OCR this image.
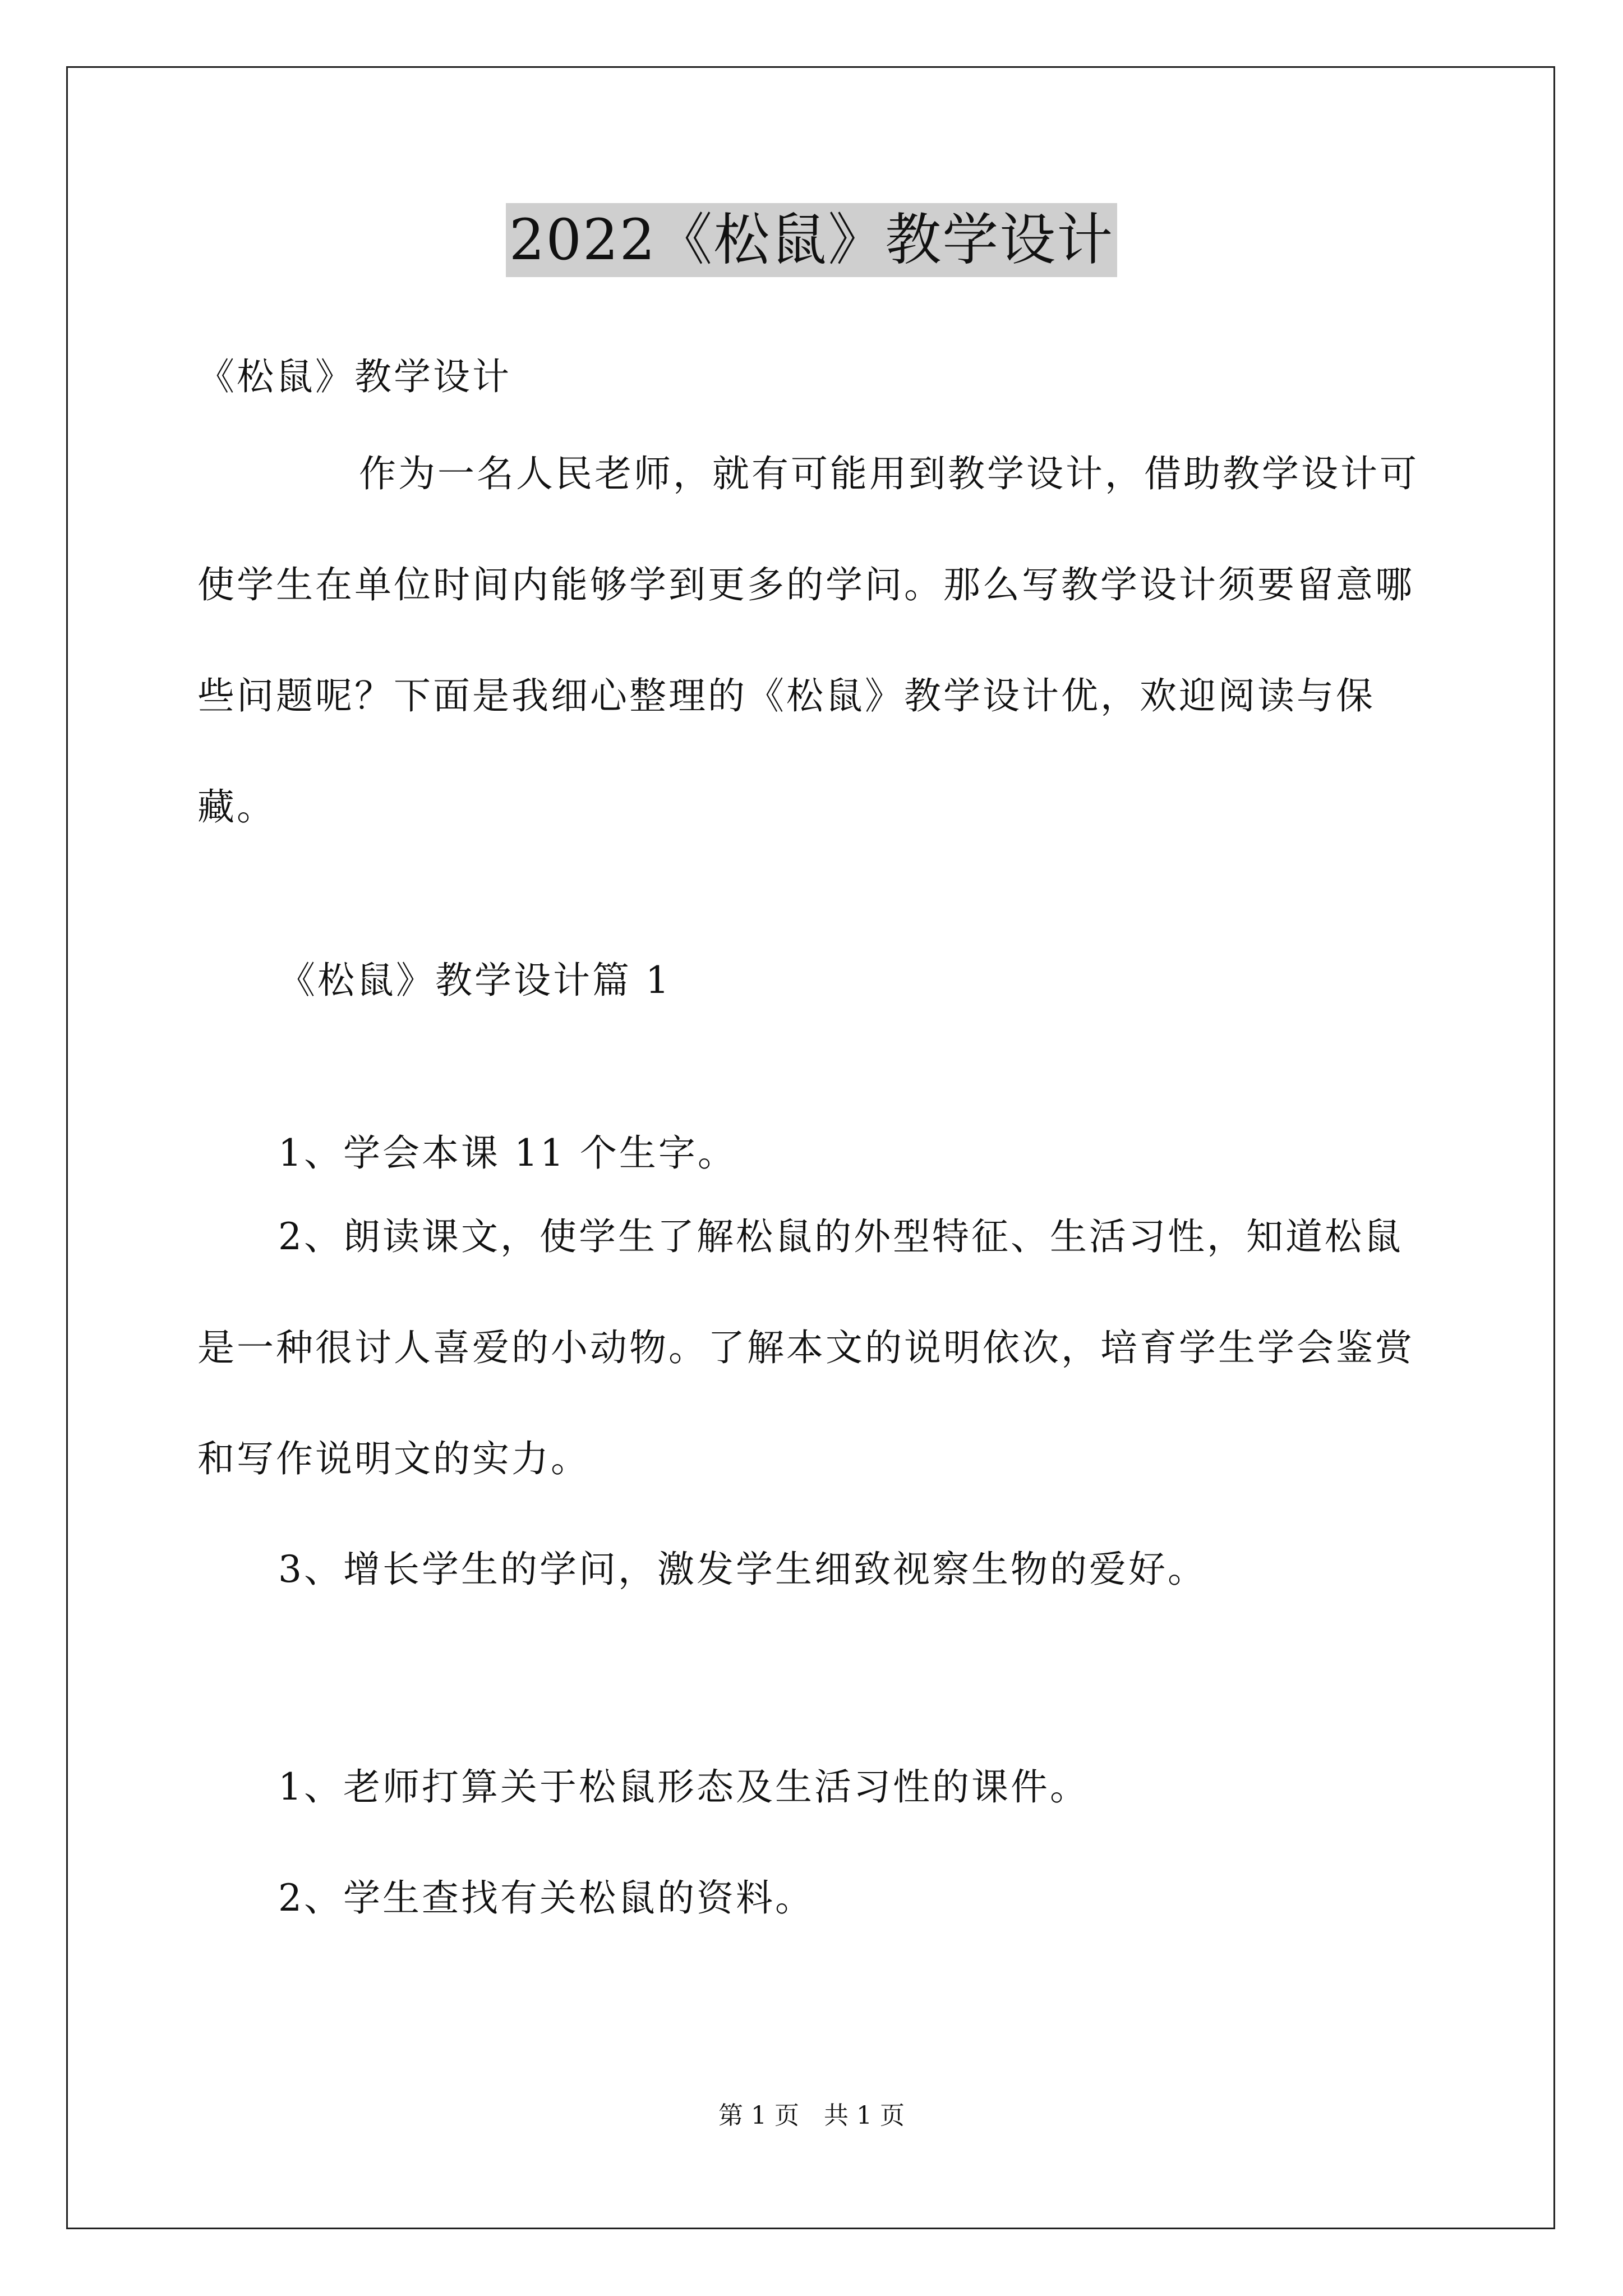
2022《松鼠》教学设计

《松鼠》教学设计

作为一名人民老师，就有可能用到教学设计，借助教学设计可使学生在单位时间内能够学到更多的学问。那么写教学设计须要留意哪些问题呢？下面是我细心整理的《松鼠》教学设计优，欢迎阅读与保藏。

《松鼠》教学设计篇 1

1、学会本课 11 个生字。

2、朗读课文，使学生了解松鼠的外型特征、生活习性，知道松鼠是一种很讨人喜爱的小动物。了解本文的说明依次，培育学生学会鉴赏和写作说明文的实力。

3、增长学生的学问，激发学生细致视察生物的爱好。

1、老师打算关于松鼠形态及生活习性的课件。

2、学生查找有关松鼠的资料。

第 1 页 共 1 页
